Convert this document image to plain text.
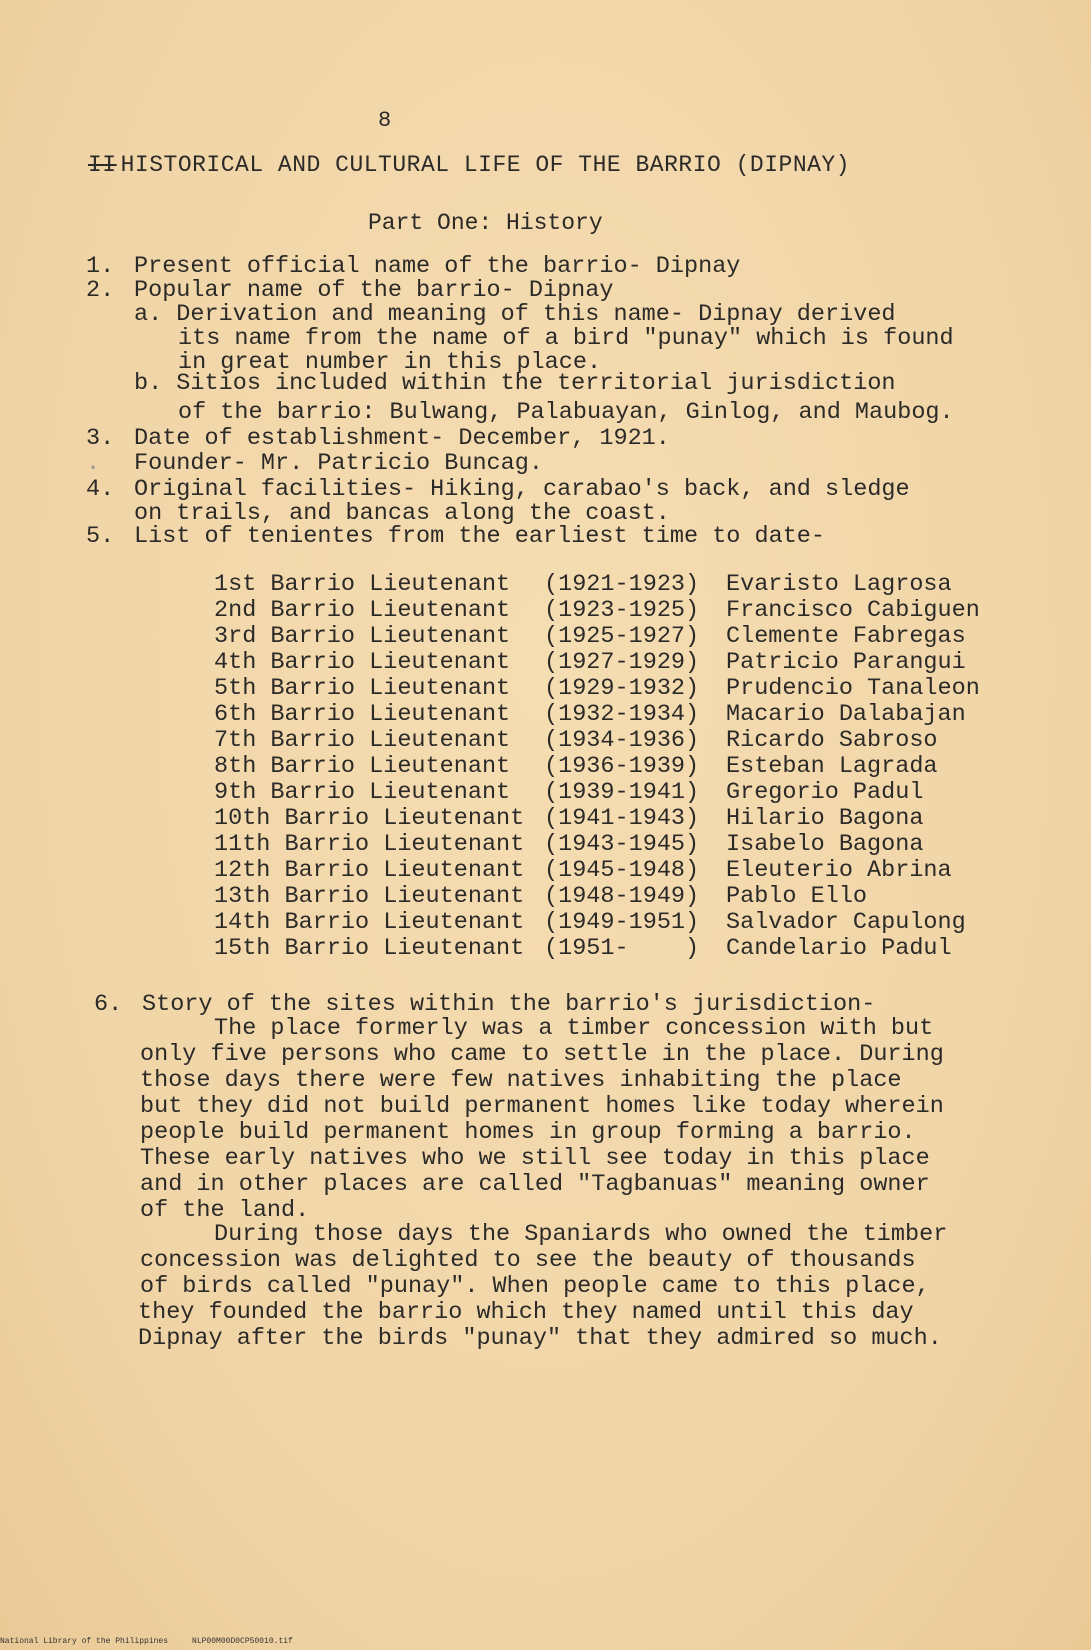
8
II HISTORICAL AND CULTURAL LIFE OF THE BARRIO (DIPNAY)
Part One: History
1. Present official name of the barrio- Dipnay
2. Popular name of the barrio- Dipnay
a. Derivation and meaning of this name- Dipnay derived
its name from the name of a bird "punay" which is found
in great number in this place.
b. Sitios included within the territorial jurisdiction
of the barrio: Bulwang, Palabuayan, Ginlog, and Maubog.
3. Date of establishment- December, 1921.
. Founder- Mr. Patricio Buncag.
4. Original facilities- Hiking, carabao's back, and sledge
on trails, and bancas along the coast.
5. List of tenientes from the earliest time to date-
1st Barrio Lieutenant (1921-1923) Evaristo Lagrosa
2nd Barrio Lieutenant (1923-1925) Francisco Cabiguen
3rd Barrio Lieutenant (1925-1927) Clemente Fabregas
4th Barrio Lieutenant (1927-1929) Patricio Parangui
5th Barrio Lieutenant (1929-1932) Prudencio Tanaleon
6th Barrio Lieutenant (1932-1934) Macario Dalabajan
7th Barrio Lieutenant (1934-1936) Ricardo Sabroso
8th Barrio Lieutenant (1936-1939) Esteban Lagrada
9th Barrio Lieutenant (1939-1941) Gregorio Padul
10th Barrio Lieutenant (1941-1943) Hilario Bagona
11th Barrio Lieutenant (1943-1945) Isabelo Bagona
12th Barrio Lieutenant (1945-1948) Eleuterio Abrina
13th Barrio Lieutenant (1948-1949) Pablo Ello
14th Barrio Lieutenant (1949-1951) Salvador Capulong
15th Barrio Lieutenant (1951-    ) Candelario Padul
6. Story of the sites within the barrio's jurisdiction-
The place formerly was a timber concession with but
only five persons who came to settle in the place. During
those days there were few natives inhabiting the place
but they did not build permanent homes like today wherein
people build permanent homes in group forming a barrio.
These early natives who we still see today in this place
and in other places are called "Tagbanuas" meaning owner
of the land.
During those days the Spaniards who owned the timber
concession was delighted to see the beauty of thousands
of birds called "punay". When people came to this place,
they founded the barrio which they named until this day
Dipnay after the birds "punay" that they admired so much.
National Library of the Philippines     NLP00M00D0CP50010.tif
